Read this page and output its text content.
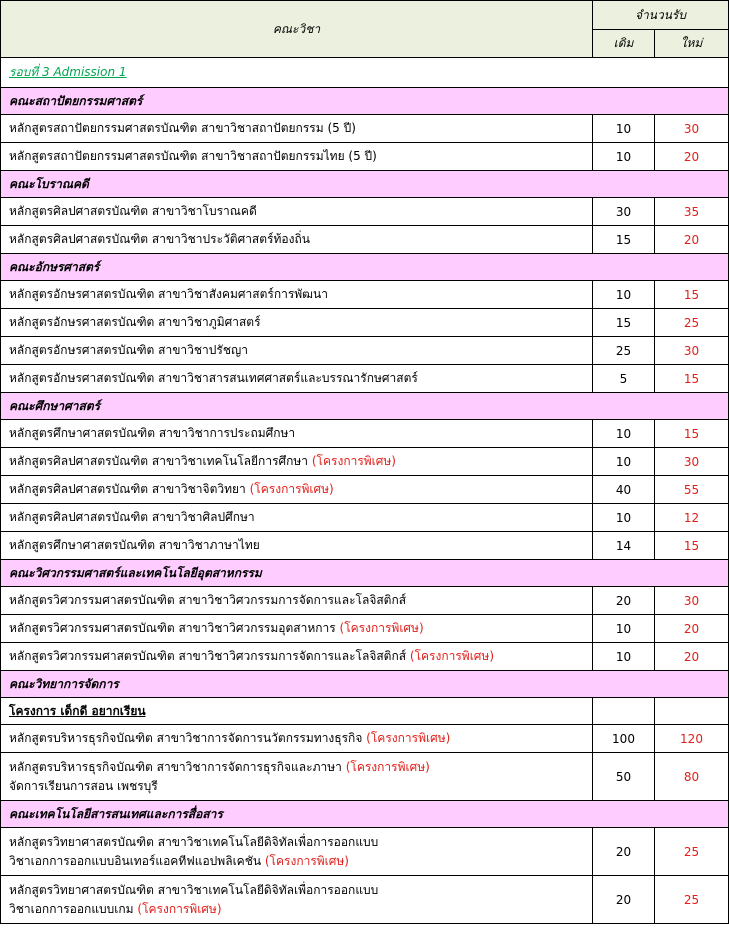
คณะวิชา	จำนวนรับ	
	เดิม	ใหม่
รอบที่ 3 Admission 1		
คณะสถาปัตยกรรมศาสตร์		

หลักสูตรสถาปัตยกรรมศาสตรบัณฑิต สาขาวิชาสถาปัตยกรรม (5 ปี)	10	30

หลักสูตรสถาปัตยกรรมศาสตรบัณฑิต สาขาวิชาสถาปัตยกรรมไทย (5 ปี)	10	20
คณะโบราณคดี		

หลักสูตรศิลปศาสตรบัณฑิต สาขาวิชาโบราณคดี	30	35

หลักสูตรศิลปศาสตรบัณฑิต สาขาวิชาประวัติศาสตร์ท้องถิ่น	15	20
คณะอักษรศาสตร์		

หลักสูตรอักษรศาสตรบัณฑิต สาขาวิชาสังคมศาสตร์การพัฒนา	10	15

หลักสูตรอักษรศาสตรบัณฑิต สาขาวิชาภูมิศาสตร์	15	25

หลักสูตรอักษรศาสตรบัณฑิต สาขาวิชาปรัชญา	25	30

หลักสูตรอักษรศาสตรบัณฑิต สาขาวิชาสารสนเทศศาสตร์และบรรณารักษศาสตร์	5	15
คณะศึกษาศาสตร์		

หลักสูตรศึกษาศาสตรบัณฑิต สาขาวิชาการประถมศึกษา	10	15

หลักสูตรศิลปศาสตรบัณฑิต สาขาวิชาเทคโนโลยีการศึกษา (โครงการพิเศษ)	10	30

หลักสูตรศิลปศาสตรบัณฑิต สาขาวิชาจิตวิทยา (โครงการพิเศษ)	40	55

หลักสูตรศิลปศาสตรบัณฑิต สาขาวิชาศิลปศึกษา	10	12

หลักสูตรศึกษาศาสตรบัณฑิต สาขาวิชาภาษาไทย	14	15
คณะวิศวกรรมศาสตร์และเทคโนโลยีอุตสาหกรรม		

หลักสูตรวิศวกรรมศาสตรบัณฑิต สาขาวิชาวิศวกรรมการจัดการและโลจิสติกส์	20	30

หลักสูตรวิศวกรรมศาสตรบัณฑิต สาขาวิชาวิศวกรรมอุตสาหการ (โครงการพิเศษ)	10	20

หลักสูตรวิศวกรรมศาสตรบัณฑิต สาขาวิชาวิศวกรรมการจัดการและโลจิสติกส์ (โครงการพิเศษ)	10	20
คณะวิทยาการจัดการ		
โครงการ เด็กดี อยากเรียน		

หลักสูตรบริหารธุรกิจบัณฑิต สาขาวิชาการจัดการนวัตกรรมทางธุรกิจ (โครงการพิเศษ)	100	120

หลักสูตรบริหารธุรกิจบัณฑิต สาขาวิชาการจัดการธุรกิจและภาษา (โครงการพิเศษ)
จัดการเรียนการสอน เพชรบุรี	50	80
คณะเทคโนโลยีสารสนเทศและการสื่อสาร		

หลักสูตรวิทยาศาสตรบัณฑิต สาขาวิชาเทคโนโลยีดิจิทัลเพื่อการออกแบบ
วิชาเอกการออกแบบอินเทอร์แอคทีฟแอปพลิเคชัน (โครงการพิเศษ)	20	25

หลักสูตรวิทยาศาสตรบัณฑิต สาขาวิชาเทคโนโลยีดิจิทัลเพื่อการออกแบบ
วิชาเอกการออกแบบเกม (โครงการพิเศษ)	20	25
